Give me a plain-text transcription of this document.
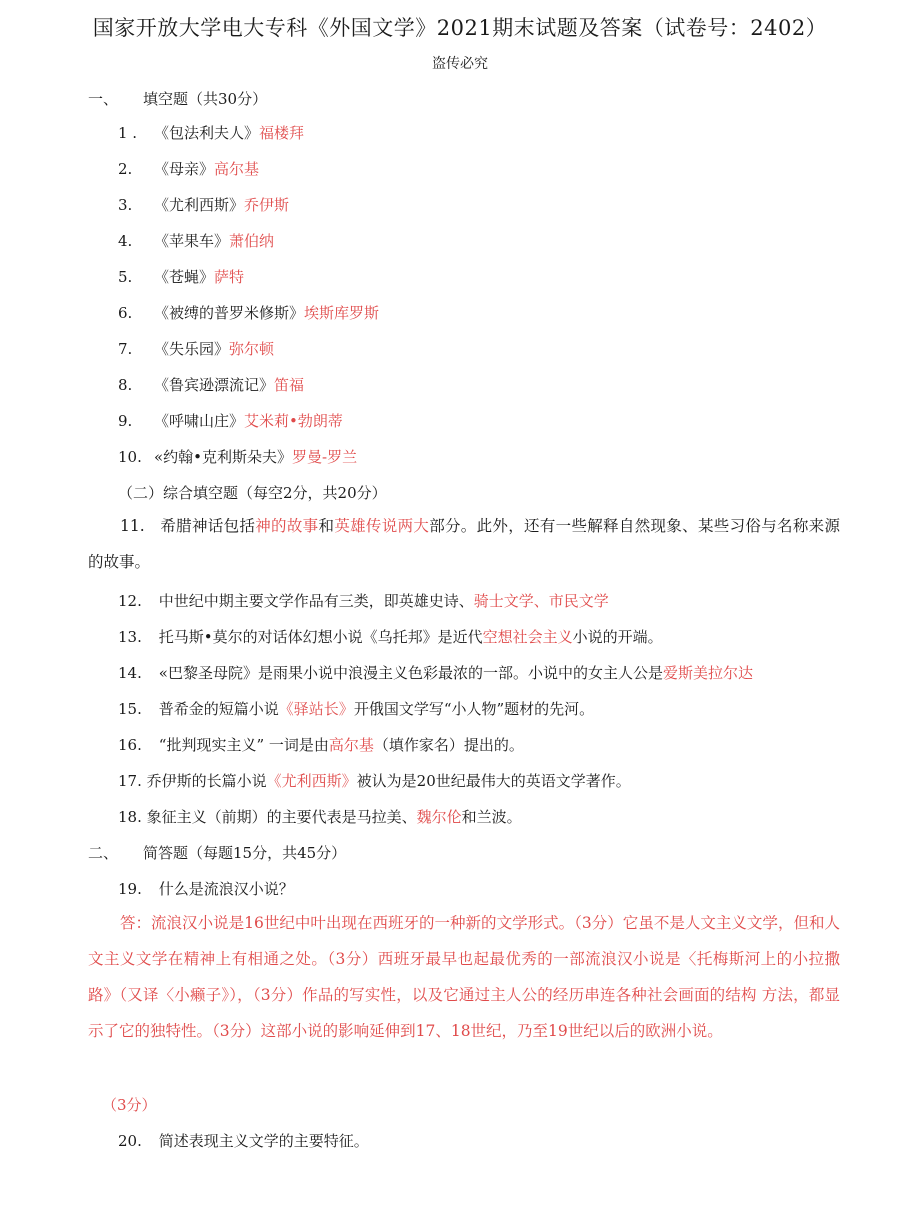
国家开放大学电大专科《外国文学》2021期末试题及答案（试卷号：2402）
盗传必究
一、 填空题（共30分）
1 . 《包法利夫人》福楼拜
2. 《母亲》高尔基
3. 《尤利西斯》乔伊斯
4. 《苹果车》萧伯纳
5. 《苍蝇》萨特
6. 《被缚的普罗米修斯》埃斯库罗斯
7. 《失乐园》弥尔顿
8. 《鲁宾逊漂流记》笛福
9. 《呼啸山庄》艾米莉•勃朗蒂
10. «约翰•克利斯朵夫》罗曼-罗兰
（二）综合填空题（每空2分，共20分）
11. 希腊神话包括神的故事和英雄传说两大部分。此外，还有一些解释自然现象、某些习俗与名称来源的故事。
12. 中世纪中期主要文学作品有三类，即英雄史诗、骑士文学、市民文学
13. 托马斯•莫尔的对话体幻想小说《乌托邦》是近代空想社会主义小说的开端。
14. «巴黎圣母院》是雨果小说中浪漫主义色彩最浓的一部。小说中的女主人公是爱斯美拉尔达
15. 普希金的短篇小说《驿站长》开俄国文学写“小人物”题材的先河。
16. “批判现实主义” 一词是由高尔基（填作家名）提出的。
17. 乔伊斯的长篇小说《尤利西斯》被认为是20世纪最伟大的英语文学著作。
18. 象征主义（前期）的主要代表是马拉美、魏尔伦和兰波。
二、 简答题（每题15分，共45分）
19. 什么是流浪汉小说？
答：流浪汉小说是16世纪中叶出现在西班牙的一种新的文学形式。（3分）它虽不是人文主义文学，但和人文主义文学在精神上有相通之处。（3分）西班牙最早也起最优秀的一部流浪汉小说是〈托梅斯河上的小拉撒路》（又译〈小癞子》），（3分）作品的写实性，以及它通过主人公的经历串连各种社会画面的结构 方法，都显示了它的独特性。（3分）这部小说的影响延伸到17、18世纪，乃至19世纪以后的欧洲小说。
（3分）
20. 简述表现主义文学的主要特征。
